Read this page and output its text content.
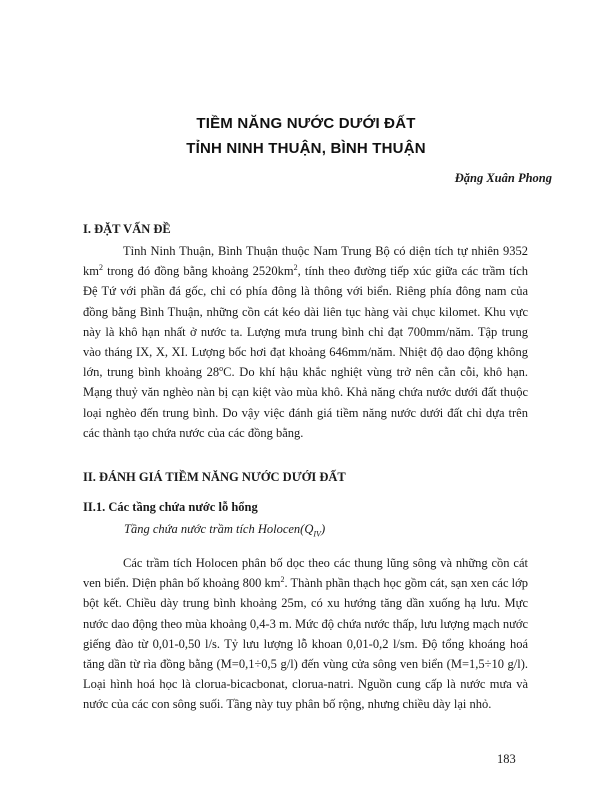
TIỀM NĂNG NƯỚC DƯỚI ĐẤT
TỈNH NINH THUẬN, BÌNH THUẬN
Đặng Xuân Phong
I. ĐẶT VẤN ĐỀ

Tỉnh Ninh Thuận, Bình Thuận thuộc Nam Trung Bộ có diện tích tự nhiên 9352 $km^2$ trong đó đồng bằng khoảng $2520km^2$, tính theo đường tiếp xúc giữa các trầm tích Đệ Tứ với phần đá gốc, chỉ có phía đông là thông với biển. Riêng phía đông nam của đồng bằng Bình Thuận, những cồn cát kéo dài liên tục hàng vài chục kilomet. Khu vực này là khô hạn nhất ở nước ta. Lượng mưa trung bình chỉ đạt 700mm/năm. Tập trung vào tháng IX, X, XI. Lượng bốc hơi đạt khoảng 646mm/năm. Nhiệt độ dao động không lớn, trung bình khoảng 28$^o$C. Do khí hậu khắc nghiệt vùng trở nên cằn cỗi, khô hạn. Mạng thuỷ văn nghèo nàn bị cạn kiệt vào mùa khô. Khả năng chứa nước dưới đất thuộc loại nghèo đến trung bình. Do vậy việc đánh giá tiềm năng nước dưới đất chỉ dựa trên các thành tạo chứa nước của các đồng bằng.

II. ĐÁNH GIÁ TIỀM NĂNG NƯỚC DƯỚI ĐẤT
II.1. Các tầng chứa nước lỗ hổng
Tầng chứa nước trầm tích $Holocen(Q_{IV})$

Các trầm tích Holocen phân bố dọc theo các thung lũng sông và những cồn cát ven biển. Diện phân bố khoảng 800 $km^2$. Thành phần thạch học gồm cát, sạn xen các lớp bột kết. Chiều dày trung bình khoảng 25m, có xu hướng tăng dần xuống hạ lưu. Mực nước dao động theo mùa khoảng 0,4-3 m. Mức độ chứa nước thấp, lưu lượng mạch nước giếng đào từ 0,01-0,50 l/s. Tỷ lưu lượng lỗ khoan 0,01-0,2 l/sm. Độ tổng khoáng hoá tăng dần từ rìa đồng bằng (M=0,1÷0,5 g/l) đến vùng cửa sông ven biển (M=1,5÷10 g/l). Loại hình hoá học là clorua-bicacbonat, clorua-natri. Nguồn cung cấp là nước mưa và nước của các con sông suối. Tầng này tuy phân bố rộng, nhưng chiều dày lại nhỏ.

183
